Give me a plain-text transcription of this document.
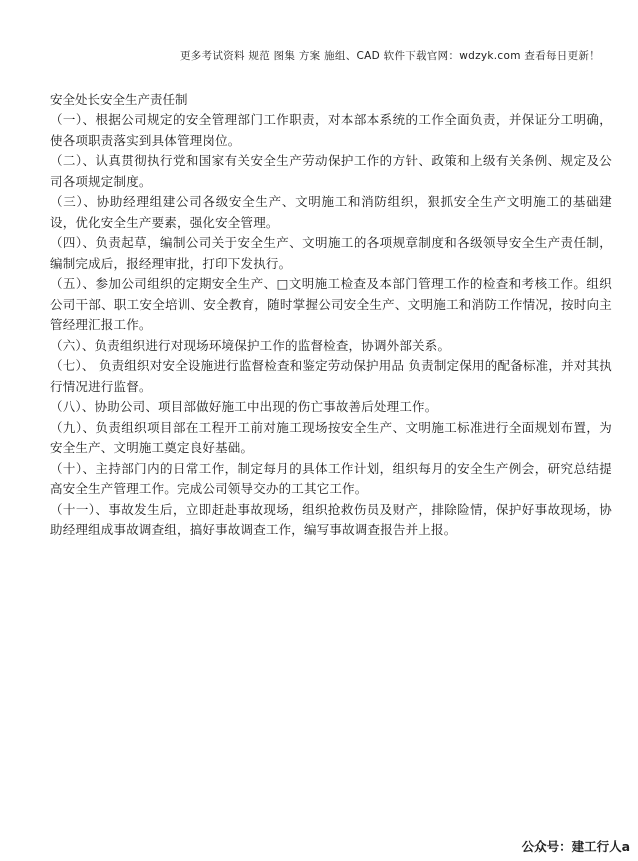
更多考试资料 规范 图集 方案 施组、CAD 软件下载官网：wdzyk.com 查看每日更新！
安全处长安全生产责任制

（一）、根据公司规定的安全管理部门工作职责，对本部本系统的工作全面负责，并保证分工明确，使各项职责落实到具体管理岗位。

（二）、认真贯彻执行党和国家有关安全生产劳动保护工作的方针、政策和上级有关条例、规定及公司各项规定制度。

（三）、协助经理组建公司各级安全生产、文明施工和消防组织，狠抓安全生产文明施工的基础建设，优化安全生产要素，强化安全管理。

（四）、负责起草，编制公司关于安全生产、文明施工的各项规章制度和各级领导安全生产责任制，编制完成后，报经理审批，打印下发执行。

（五）、参加公司组织的定期安全生产、□文明施工检查及本部门管理工作的检查和考核工作。组织公司干部、职工安全培训、安全教育，随时掌握公司安全生产、文明施工和消防工作情况，按时向主管经理汇报工作。

（六）、负责组织进行对现场环境保护工作的监督检查，协调外部关系。

（七）、 负责组织对安全设施进行监督检查和鉴定劳动保护用品 负责制定保用的配备标准，并对其执行情况进行监督。

（八）、协助公司、项目部做好施工中出现的伤亡事故善后处理工作。

（九）、负责组织项目部在工程开工前对施工现场按安全生产、文明施工标准进行全面规划布置，为安全生产、文明施工奠定良好基础。

（十）、主持部门内的日常工作，制定每月的具体工作计划，组织每月的安全生产例会，研究总结提高安全生产管理工作。完成公司领导交办的工其它工作。

（十一）、事故发生后，立即赶赴事故现场，组织抢救伤员及财产，排除险情，保护好事故现场，协助经理组成事故调查组，搞好事故调查工作，编写事故调查报告并上报。

公众号：建工行人a
